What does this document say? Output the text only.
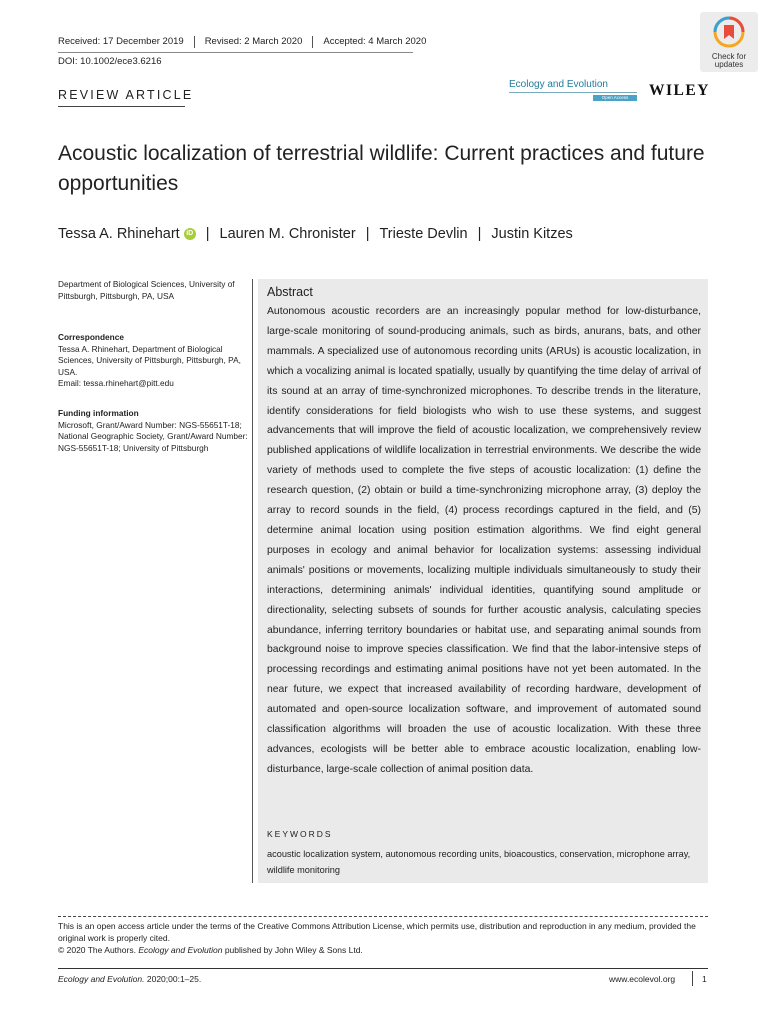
Received: 17 December 2019	Revised: 2 March 2020	Accepted: 4 March 2020
DOI: 10.1002/ece3.6216	Check for
updates
REVIEW ARTICLE
Ecology and Evolution
Open Access	WILEY
Acoustic localization of terrestrial wildlife: Current practices and future opportunities
Tessa A. Rhinehart iD | Lauren M. Chronister | Trieste Devlin | Justin Kitzes
Department of Biological Sciences, University of Pittsburgh, Pittsburgh, PA, USA
Correspondence
Tessa A. Rhinehart, Department of Biological Sciences, University of Pittsburgh, Pittsburgh, PA, USA.
Email: tessa.rhinehart@pitt.edu
Funding information
Microsoft, Grant/Award Number: NGS-55651T-18; National Geographic Society, Grant/Award Number: NGS-55651T-18; University of Pittsburgh
Abstract

Autonomous acoustic recorders are an increasingly popular method for low-disturbance, large-scale monitoring of sound-producing animals, such as birds, anurans, bats, and other mammals. A specialized use of autonomous recording units (ARUs) is acoustic localization, in which a vocalizing animal is located spatially, usually by quantifying the time delay of arrival of its sound at an array of time-synchronized microphones. To describe trends in the literature, identify considerations for field biologists who wish to use these systems, and suggest advancements that will improve the field of acoustic localization, we comprehensively review published applications of wildlife localization in terrestrial environments. We describe the wide variety of methods used to complete the five steps of acoustic localization: (1) define the research question, (2) obtain or build a time-synchronizing microphone array, (3) deploy the array to record sounds in the field, (4) process recordings captured in the field, and (5) determine animal location using position estimation algorithms. We find eight general purposes in ecology and animal behavior for localization systems: assessing individual animals' positions or movements, localizing multiple individuals simultaneously to study their interactions, determining animals' individual identities, quantifying sound amplitude or directionality, selecting subsets of sounds for further acoustic analysis, calculating species abundance, inferring territory boundaries or habitat use, and separating animal sounds from background noise to improve species classification. We find that the labor-intensive steps of processing recordings and estimating animal positions have not yet been automated. In the near future, we expect that increased availability of recording hardware, development of automated and open-source localization software, and improvement of automated sound classification algorithms will broaden the use of acoustic localization. With these three advances, ecologists will be better able to embrace acoustic localization, enabling low-disturbance, large-scale collection of animal position data.

KEYWORDS

acoustic localization system, autonomous recording units, bioacoustics, conservation, microphone array, wildlife monitoring

This is an open access article under the terms of the Creative Commons Attribution License, which permits use, distribution and reproduction in any medium, provided the original work is properly cited.
© 2020 The Authors. Ecology and Evolution published by John Wiley & Sons Ltd.
Ecology and Evolution. 2020;00:1–25.	www.ecolevol.org	1
